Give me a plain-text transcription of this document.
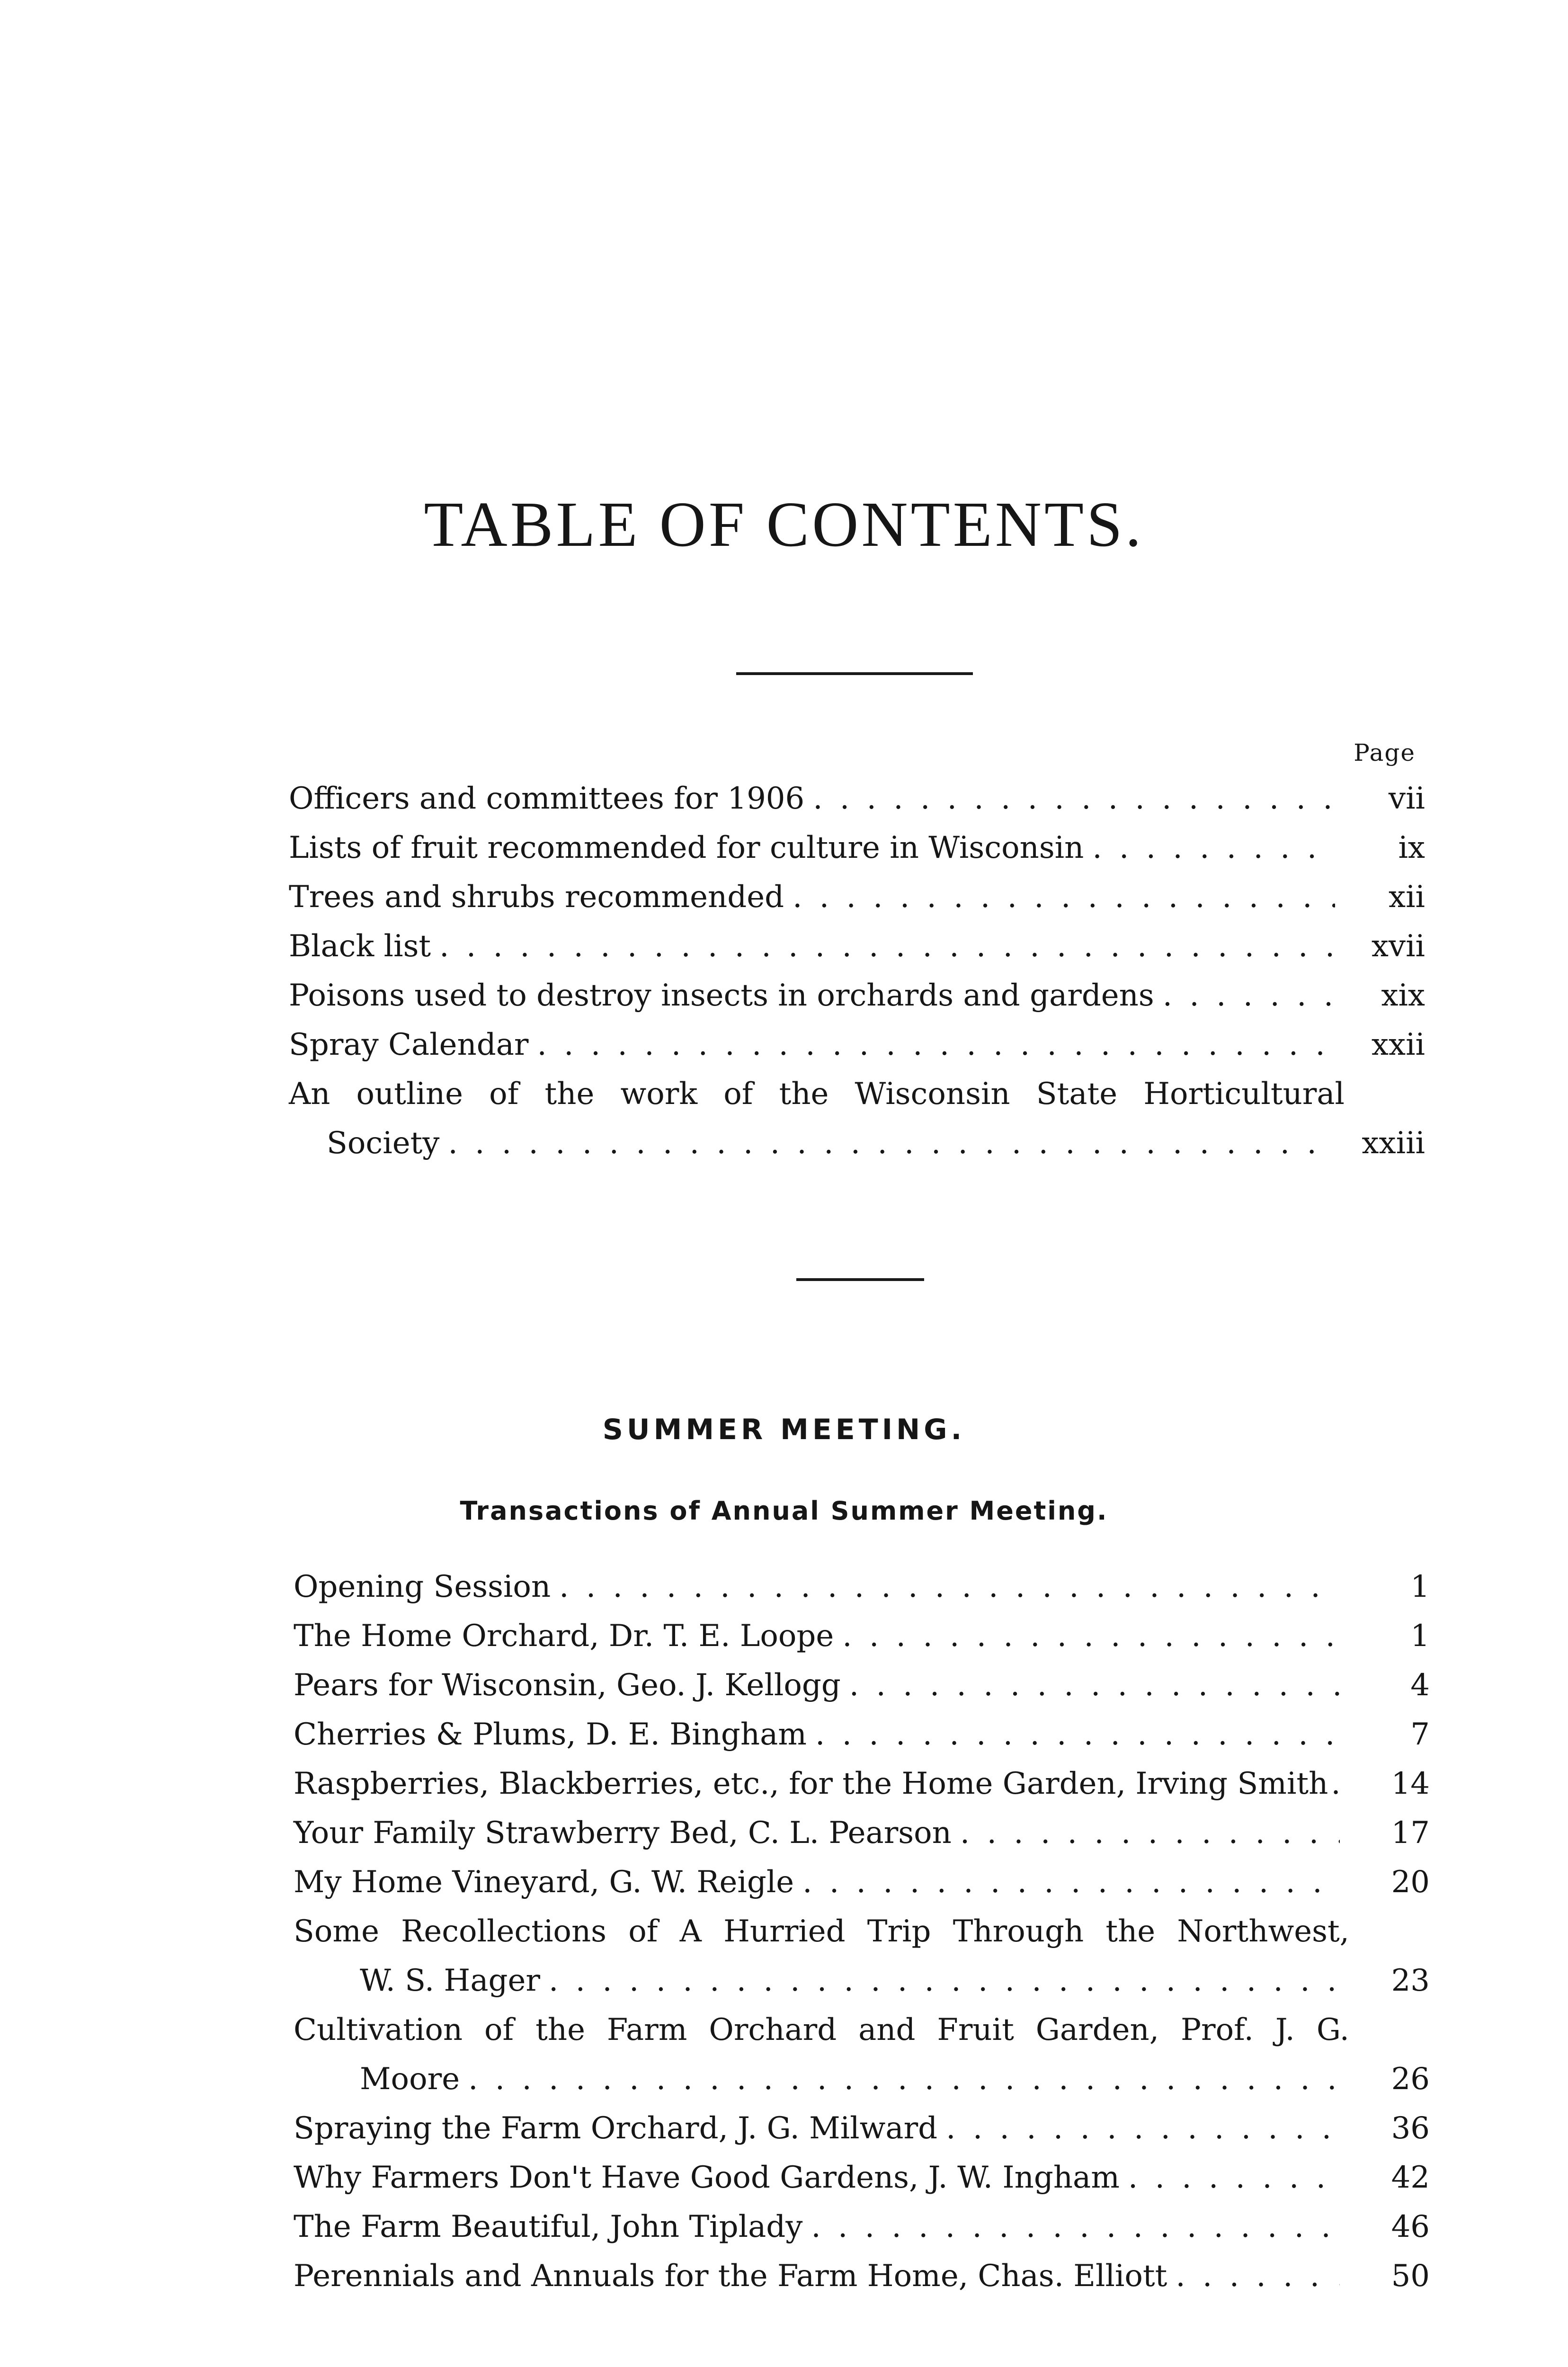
TABLE OF CONTENTS.
Page
Officers and committees for 1906 . . .	vii
Lists of fruit recommended for culture in Wisconsin . . .	ix
Trees and shrubs recommended . . .	xii
Black list . . .	xvii
Poisons used to destroy insects in orchards and gardens . . .	xix
Spray Calendar . . .	xxii
An outline of the work of the Wisconsin State Horticultural
Society . . .	xxiii
SUMMER MEETING.
Transactions of Annual Summer Meeting.
Opening Session . . .	1
The Home Orchard, Dr. T. E. Loope . . .	1
Pears for Wisconsin, Geo. J. Kellogg . . .	4
Cherries & Plums, D. E. Bingham . . .	7
Raspberries, Blackberries, etc., for the Home Garden, Irving Smith . . .	14
Your Family Strawberry Bed, C. L. Pearson . . .	17
My Home Vineyard, G. W. Reigle . . .	20
Some Recollections of A Hurried Trip Through the Northwest,
W. S. Hager . . .	23
Cultivation of the Farm Orchard and Fruit Garden, Prof. J. G.
Moore . . .	26
Spraying the Farm Orchard, J. G. Milward . . .	36
Why Farmers Don't Have Good Gardens, J. W. Ingham . . .	42
The Farm Beautiful, John Tiplady . . .	46
Perennials and Annuals for the Farm Home, Chas. Elliott . . .	50
